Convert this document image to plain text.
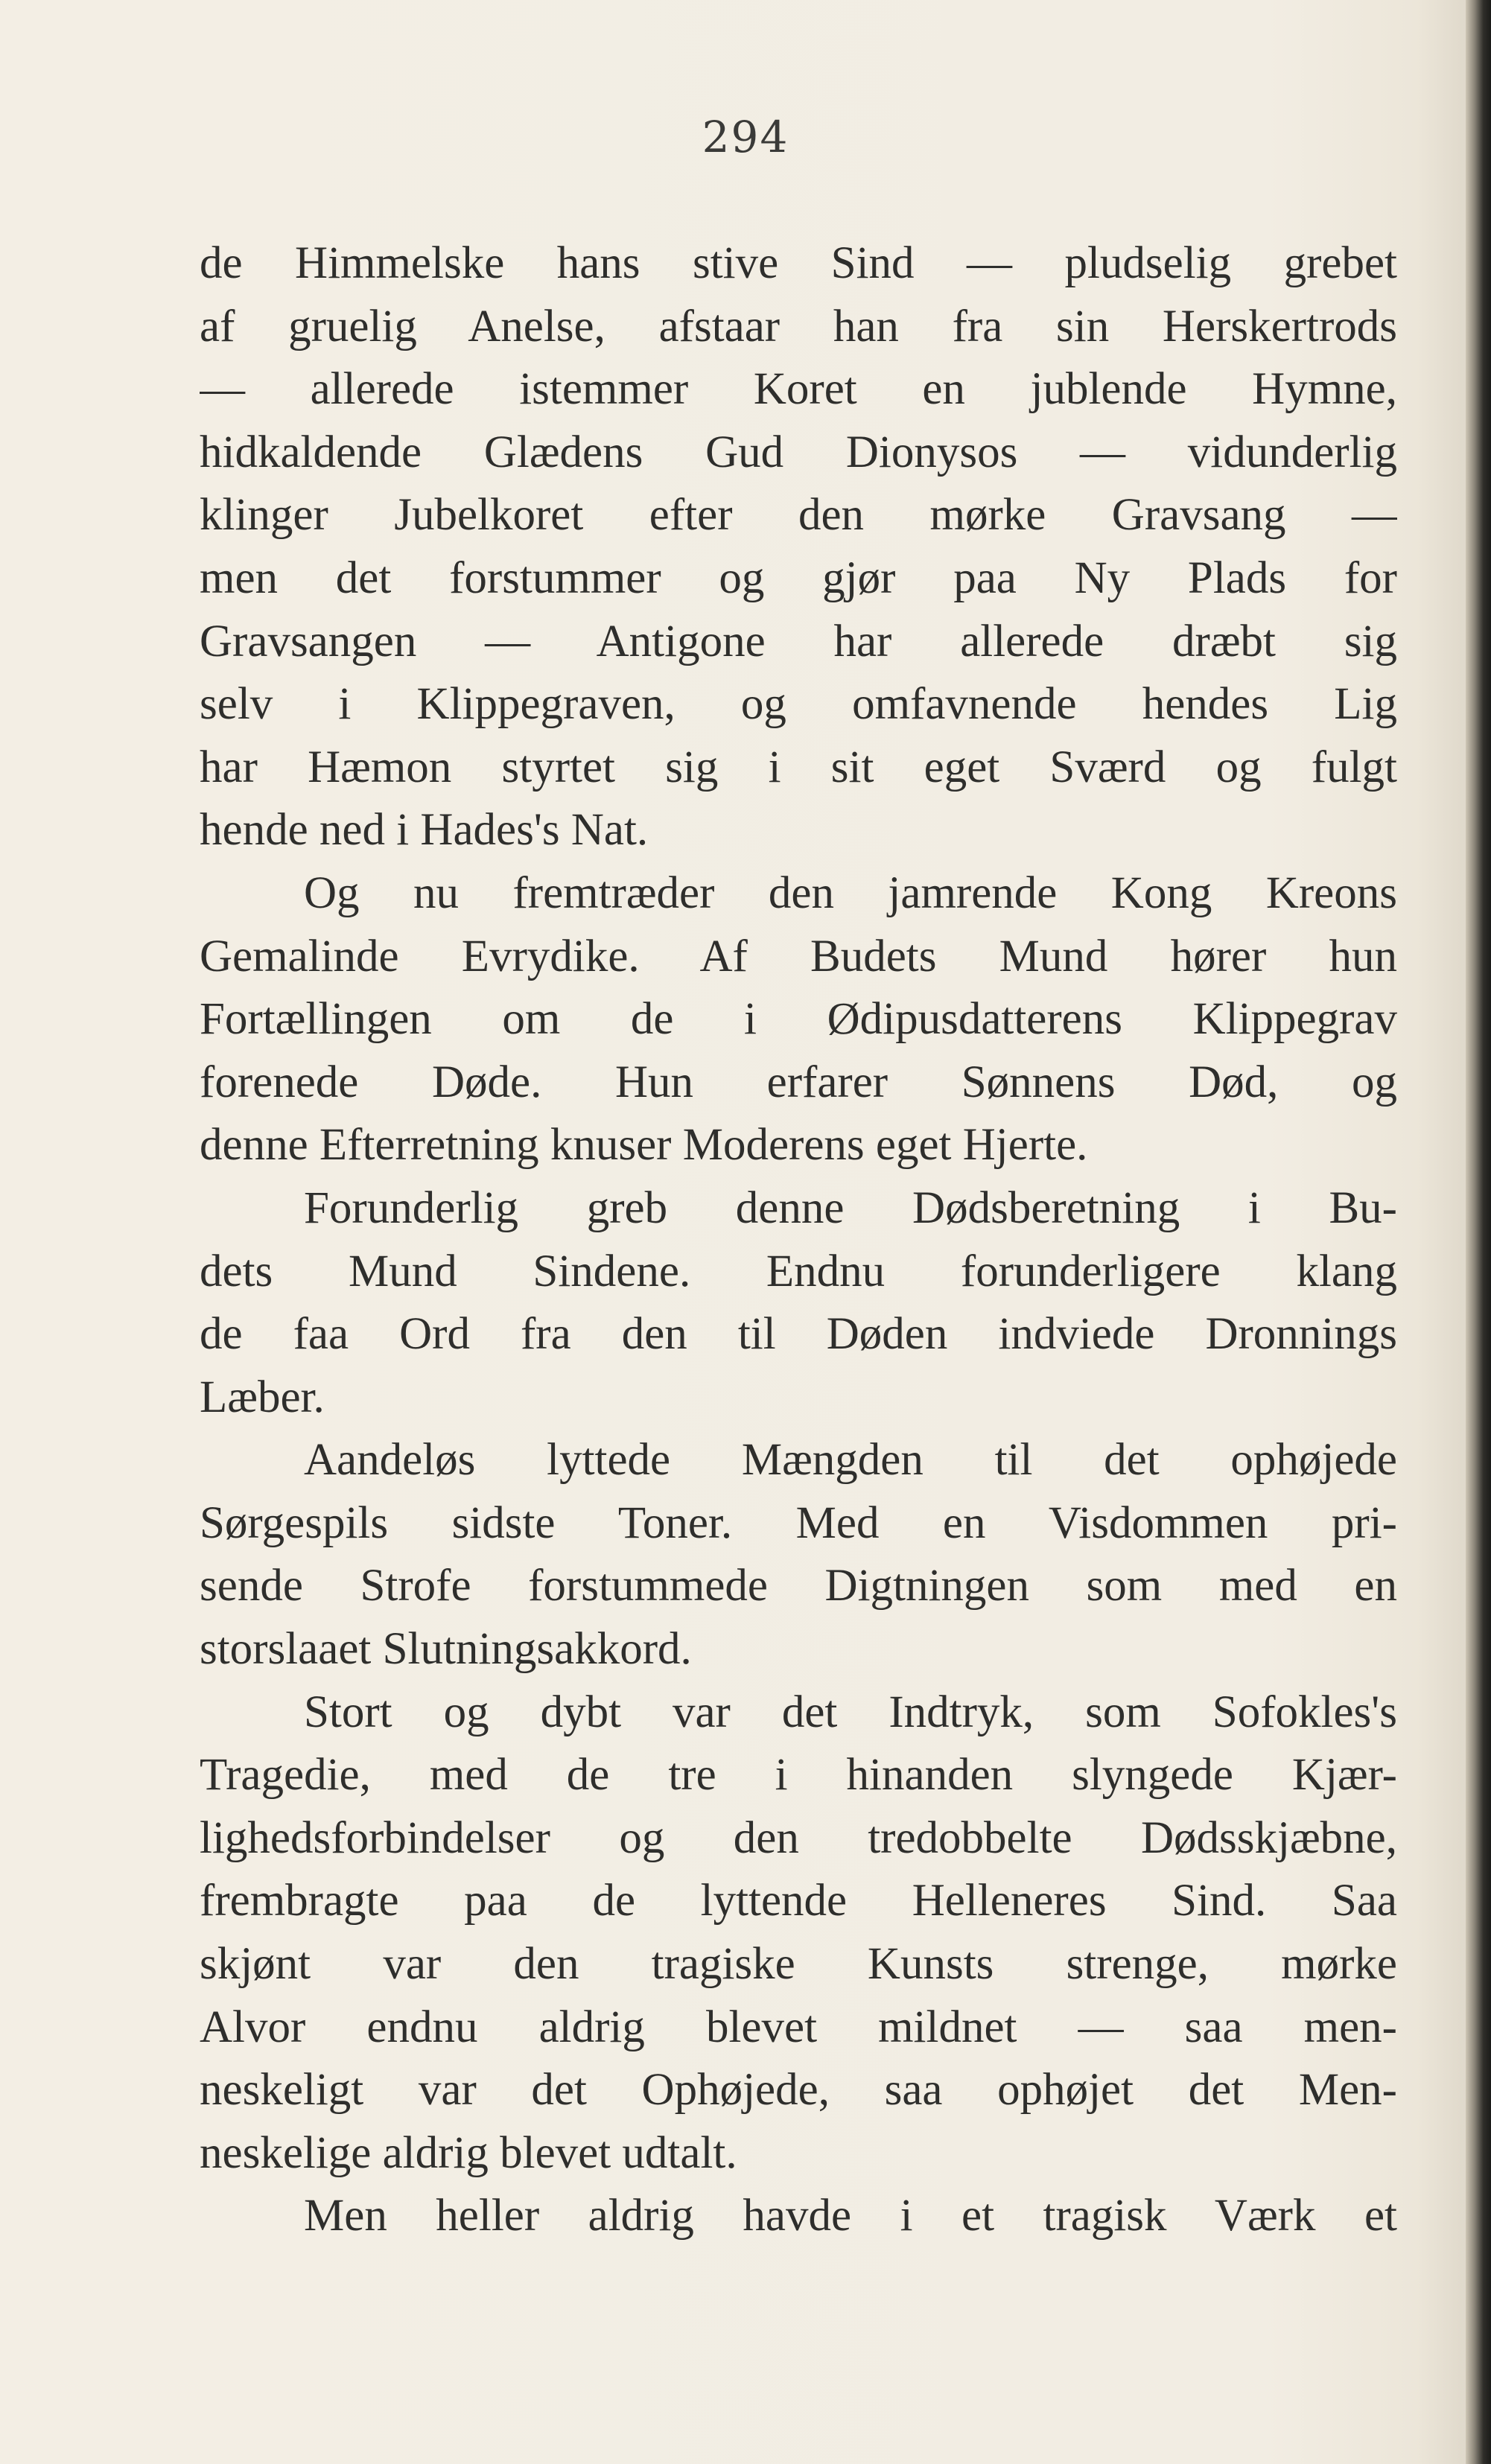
294
de Himmelske hans stive Sind — pludselig grebet
af gruelig Anelse, afstaar han fra sin Herskertrods
— allerede istemmer Koret en jublende Hymne,
hidkaldende Glædens Gud Dionysos — vidunderlig
klinger Jubelkoret efter den mørke Gravsang —
men det forstummer og gjør paa Ny Plads for
Gravsangen — Antigone har allerede dræbt sig
selv i Klippegraven, og omfavnende hendes Lig
har Hæmon styrtet sig i sit eget Sværd og fulgt
hende ned i Hades's Nat.
Og nu fremtræder den jamrende Kong Kreons
Gemalinde Evrydike. Af Budets Mund hører hun
Fortællingen om de i Ødipusdatterens Klippegrav
forenede Døde. Hun erfarer Sønnens Død, og
denne Efterretning knuser Moderens eget Hjerte.
Forunderlig greb denne Dødsberetning i Bu-
dets Mund Sindene. Endnu forunderligere klang
de faa Ord fra den til Døden indviede Dronnings
Læber.
Aandeløs lyttede Mængden til det ophøjede
Sørgespils sidste Toner. Med en Visdommen pri-
sende Strofe forstummede Digtningen som med en
storslaaet Slutningsakkord.
Stort og dybt var det Indtryk, som Sofokles's
Tragedie, med de tre i hinanden slyngede Kjær-
lighedsforbindelser og den tredobbelte Dødsskjæbne,
frembragte paa de lyttende Helleneres Sind. Saa
skjønt var den tragiske Kunsts strenge, mørke
Alvor endnu aldrig blevet mildnet — saa men-
neskeligt var det Ophøjede, saa ophøjet det Men-
neskelige aldrig blevet udtalt.
Men heller aldrig havde i et tragisk Værk et
